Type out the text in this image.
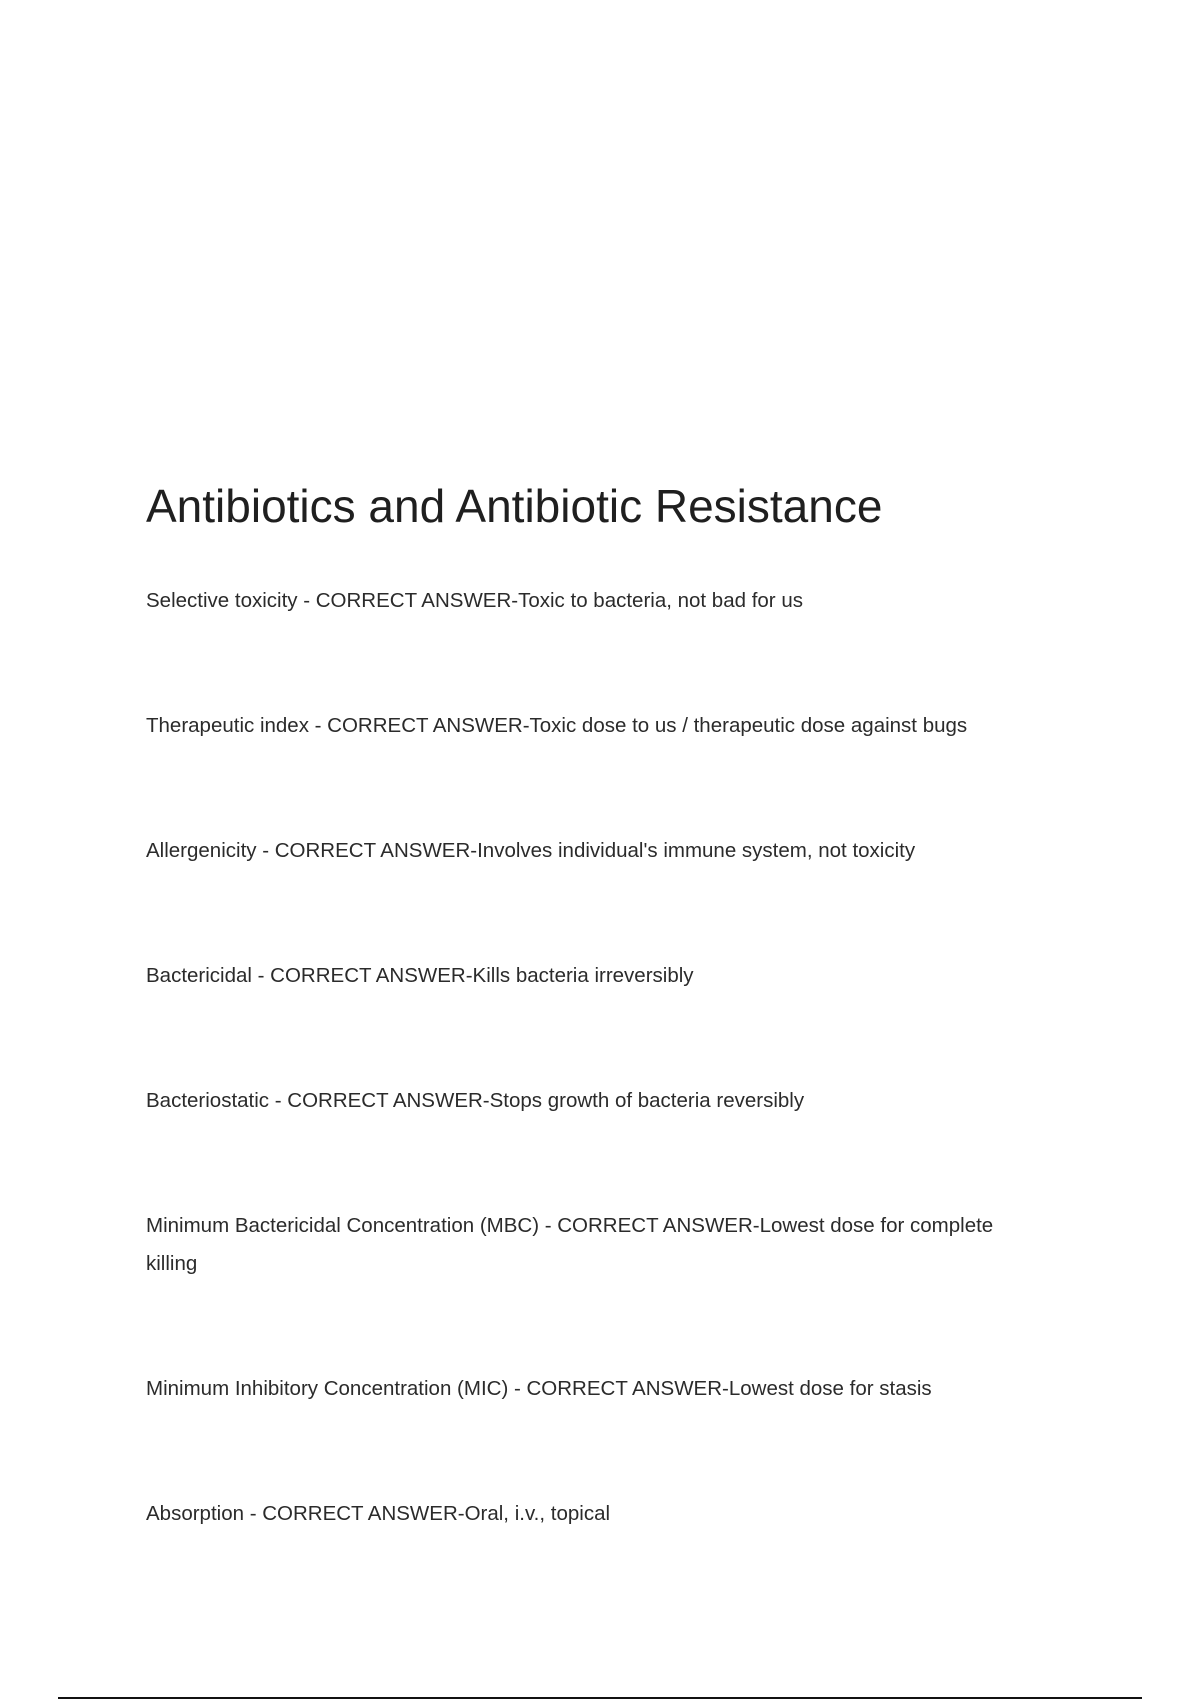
Antibiotics and Antibiotic Resistance
Selective toxicity - CORRECT ANSWER-Toxic to bacteria, not bad for us
Therapeutic index - CORRECT ANSWER-Toxic dose to us / therapeutic dose against bugs
Allergenicity - CORRECT ANSWER-Involves individual's immune system, not toxicity
Bactericidal - CORRECT ANSWER-Kills bacteria irreversibly
Bacteriostatic - CORRECT ANSWER-Stops growth of bacteria reversibly
Minimum Bactericidal Concentration (MBC) - CORRECT ANSWER-Lowest dose for complete killing
Minimum Inhibitory Concentration (MIC) - CORRECT ANSWER-Lowest dose for stasis
Absorption - CORRECT ANSWER-Oral, i.v., topical
